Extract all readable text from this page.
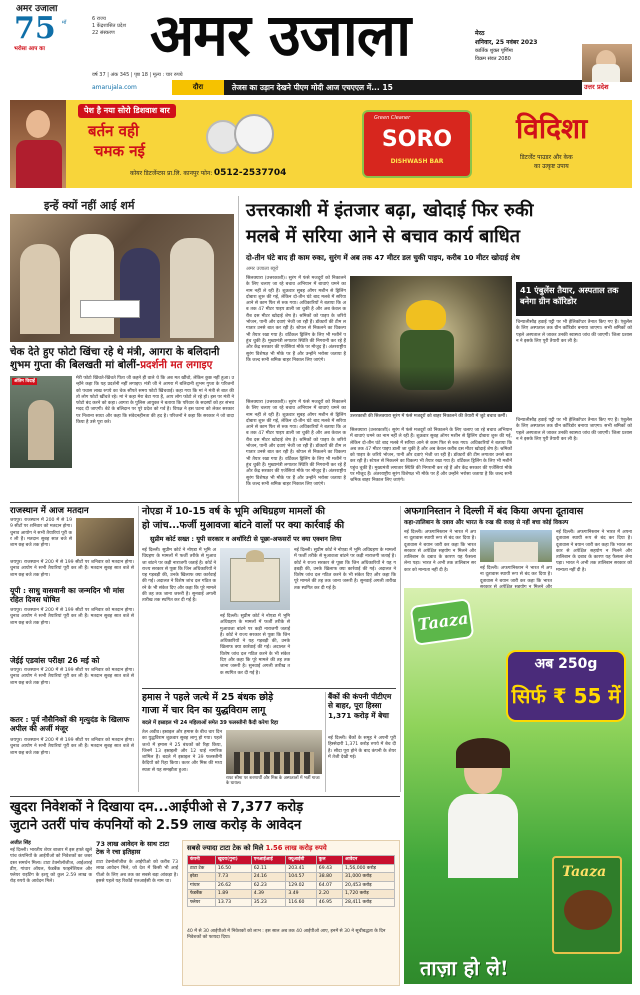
अमर उजाला
75 माँ
भरोसा आप का
6 राज्य
1 केंद्रशासित प्रदेश
22 संस्करण अमर उजाला	मेरठ
शनिवार, 25 नवंबर 2023
कार्तिक शुक्ल पूर्णिमा
विक्रम संवत 2080
वर्ष 37 | अंक 345 | पृष्ठ 18 | मूल्य : चार रुपये
amarujala.com	दौरा	तेजस का उड़ान देखने पीएम मोदी आज एचएएल में... 15	उत्तर प्रदेश
पेश है नया सोरो डिशवाश बार
बर्तन वही
चमक नई
Green Cleaner
SORO
DISHWASH BAR
कोयर डिटर्जेन्टस प्रा.लि. कानपुर फोन: 0512-2537704
विदिशा
डिटर्जेंट पाउडर और केक
का उत्कृष्ट उपाय
इन्हें क्यों नहीं आई शर्म
चेक देते हुए फोटो खिंचा रहे थे मंत्री, आगरा के बलिदानी शुभम गुप्ता की बिलखती मां बोलीं-प्रदर्शनी मत लगाइए
अंतिम विदाई
मेरी फोटो खिंचते-खिंचते पिता जी कहने ही वाले थे कि अब मत खींचो, लेकिन कुछ नहीं हुआ। उन्होंने कहा कि यह प्रदर्शनी नहीं लगाइए। मंत्री जी ने आगरा में बलिदानी शुभम गुप्ता के परिजनों को पचास लाख रुपये का चेक सौंपते समय फोटो खिंचवाई। कहा गया कि मां ने मंत्री से बात की तो लोग फोटो खींचते रहे। मां ने कहा मेरा बेटा गया है, आप लोग फोटो ले रहे हो। इस पर मंत्री ने फोटो बंद करने को कहा। आगरा के पुलिस आयुक्त ने बताया कि परिवार के सदस्यों को हर संभव मदद दी जाएगी। बेटे के बलिदान पर पूरे प्रदेश को गर्व है। विपक्ष ने इस घटना को लेकर सरकार पर निशाना साधा और कहा कि संवेदनहीनता की हद है। परिजनों ने कहा कि सरकार ने जो वादा किया है उसे पूरा करे।
उत्तरकाशी में इंतजार बढ़ा, खोदाई फिर रुकी
मलबे में सरिया आने से बचाव कार्य बाधित
दो-तीन घंटे बाद ही काम रुका, सुरंग में अब तक 47 मीटर डल चुकी पाइप, करीब 10 मीटर खोदाई शेष
अमर उजाला ब्यूरो
सिलक्यारा (उत्तरकाशी)। सुरंग में फंसे मजदूरों को निकालने के लिए चलाए जा रहे बचाव अभियान में बाधाएं थमने का नाम नहीं ले रही हैं। शुक्रवार सुबह ऑगर मशीन से ड्रिलिंग दोबारा शुरू की गई, लेकिन दो-तीन घंटे बाद मलबे में सरिया आने से काम फिर से रुक गया। अधिकारियों ने बताया कि अब तक 47 मीटर पाइप डाली जा चुकी है और अब केवल करीब दस मीटर खोदाई शेष है। श्रमिकों को पाइप के जरिये भोजन, पानी और दवाएं भेजी जा रही हैं। डॉक्टरों की टीम लगातार उनसे बात कर रही है। स्टेपल से निकलने का विकल्प भी तैयार रखा गया है। वर्टिकल ड्रिलिंग के लिए भी मशीनें पहुंच चुकी हैं। मुख्यमंत्री लगातार स्थिति की निगरानी कर रहे हैं और केंद्र सरकार की एजेंसियां मौके पर मौजूद हैं। अंतरराष्ट्रीय सुरंग विशेषज्ञ भी मौके पर हैं और उन्होंने भरोसा जताया है कि जल्द सभी श्रमिक बाहर निकाल लिए जाएंगे।
उत्तरकाशी की सिलक्यारा सुरंग में फंसे मजदूरों को बाहर निकालने की तैयारी में जुटे बचाव कर्मी।
41 एंबुलेंस तैयार, अस्पताल तक बनेगा ग्रीन कॉरिडोर
चिन्यालीसौड़ हवाई पट्टी पर भी हेलिकॉप्टर तैनात किए गए हैं। एंबुलेंस के लिए अस्पताल तक ग्रीन कॉरिडोर बनाया जाएगा। सभी श्रमिकों को पहले अस्पताल ले जाकर उनकी स्वास्थ्य जांच की जाएगी। जिला प्रशासन ने इसके लिए पूरी तैयारी कर ली है।
सिलक्यारा (उत्तरकाशी)। सुरंग में फंसे मजदूरों को निकालने के लिए चलाए जा रहे बचाव अभियान में बाधाएं थमने का नाम नहीं ले रही हैं। शुक्रवार सुबह ऑगर मशीन से ड्रिलिंग दोबारा शुरू की गई, लेकिन दो-तीन घंटे बाद मलबे में सरिया आने से काम फिर से रुक गया। अधिकारियों ने बताया कि अब तक 47 मीटर पाइप डाली जा चुकी है और अब केवल करीब दस मीटर खोदाई शेष है। श्रमिकों को पाइप के जरिये भोजन, पानी और दवाएं भेजी जा रही हैं। डॉक्टरों की टीम लगातार उनसे बात कर रही है। स्टेपल से निकलने का विकल्प भी तैयार रखा गया है। वर्टिकल ड्रिलिंग के लिए भी मशीनें पहुंच चुकी हैं। मुख्यमंत्री लगातार स्थिति की निगरानी कर रहे हैं और केंद्र सरकार की एजेंसियां मौके पर मौजूद हैं। अंतरराष्ट्रीय सुरंग विशेषज्ञ भी मौके पर हैं और उन्होंने भरोसा जताया है कि जल्द सभी श्रमिक बाहर निकाल लिए जाएंगे।
चिन्यालीसौड़ हवाई पट्टी पर भी हेलिकॉप्टर तैनात किए गए हैं। एंबुलेंस के लिए अस्पताल तक ग्रीन कॉरिडोर बनाया जाएगा। सभी श्रमिकों को पहले अस्पताल ले जाकर उनकी स्वास्थ्य जांच की जाएगी। जिला प्रशासन ने इसके लिए पूरी तैयारी कर ली है।
सिलक्यारा (उत्तरकाशी)। सुरंग में फंसे मजदूरों को निकालने के लिए चलाए जा रहे बचाव अभियान में बाधाएं थमने का नाम नहीं ले रही हैं। शुक्रवार सुबह ऑगर मशीन से ड्रिलिंग दोबारा शुरू की गई, लेकिन दो-तीन घंटे बाद मलबे में सरिया आने से काम फिर से रुक गया। अधिकारियों ने बताया कि अब तक 47 मीटर पाइप डाली जा चुकी है और अब केवल करीब दस मीटर खोदाई शेष है। श्रमिकों को पाइप के जरिये भोजन, पानी और दवाएं भेजी जा रही हैं। डॉक्टरों की टीम लगातार उनसे बात कर रही है। स्टेपल से निकलने का विकल्प भी तैयार रखा गया है। वर्टिकल ड्रिलिंग के लिए भी मशीनें पहुंच चुकी हैं। मुख्यमंत्री लगातार स्थिति की निगरानी कर रहे हैं और केंद्र सरकार की एजेंसियां मौके पर मौजूद हैं। अंतरराष्ट्रीय सुरंग विशेषज्ञ भी मौके पर हैं और उन्होंने भरोसा जताया है कि जल्द सभी श्रमिक बाहर निकाल लिए जाएंगे।
राजस्थान में आज मतदान
जयपुर। राजस्थान में 200 में से 199 सीटों पर शनिवार को मतदान होगा। चुनाव आयोग ने सभी तैयारियां पूरी कर ली हैं। मतदान सुबह सात बजे से शाम छह बजे तक होगा।
जयपुर। राजस्थान में 200 में से 199 सीटों पर शनिवार को मतदान होगा। चुनाव आयोग ने सभी तैयारियां पूरी कर ली हैं। मतदान सुबह सात बजे से शाम छह बजे तक होगा।
यूपी : साधु वासवानी का जन्मदिन भी मांस रहित दिवस घोषित
जयपुर। राजस्थान में 200 में से 199 सीटों पर शनिवार को मतदान होगा। चुनाव आयोग ने सभी तैयारियां पूरी कर ली हैं। मतदान सुबह सात बजे से शाम छह बजे तक होगा।
जेईई एडवांस परीक्षा 26 मई को
जयपुर। राजस्थान में 200 में से 199 सीटों पर शनिवार को मतदान होगा। चुनाव आयोग ने सभी तैयारियां पूरी कर ली हैं। मतदान सुबह सात बजे से शाम छह बजे तक होगा।
कतर : पूर्व नौसैनिकों की मृत्युदंड के खिलाफ अपील की अर्जी मंजूर
जयपुर। राजस्थान में 200 में से 199 सीटों पर शनिवार को मतदान होगा। चुनाव आयोग ने सभी तैयारियां पूरी कर ली हैं। मतदान सुबह सात बजे से शाम छह बजे तक होगा।
नोएडा में 10-15 वर्ष के भूमि अधिग्रहण मामलों की
हो जांच...फर्जी मुआवजा बांटने वालों पर क्या कार्रवाई की
सुप्रीम कोर्ट सख्त : यूपी सरकार व अथॉरिटी से पूछा-अफसरों पर क्या एक्शन लिया
नई दिल्ली। सुप्रीम कोर्ट ने नोएडा में भूमि अधिग्रहण के मामलों में फर्जी तरीके से मुआवजा बांटने पर कड़ी नाराजगी जताई है। कोर्ट ने राज्य सरकार से पूछा कि जिन अधिकारियों ने यह गड़बड़ी की, उनके खिलाफ क्या कार्रवाई की गई। अदालत ने विशेष जांच दल गठित करने के भी संकेत दिए और कहा कि पूरे मामले की तह तक जाना जरूरी है। सुनवाई अगली तारीख तक स्थगित कर दी गई है।
नई दिल्ली। सुप्रीम कोर्ट ने नोएडा में भूमि अधिग्रहण के मामलों में फर्जी तरीके से मुआवजा बांटने पर कड़ी नाराजगी जताई है। कोर्ट ने राज्य सरकार से पूछा कि जिन अधिकारियों ने यह गड़बड़ी की, उनके खिलाफ क्या कार्रवाई की गई। अदालत ने विशेष जांच दल गठित करने के भी संकेत दिए और कहा कि पूरे मामले की तह तक जाना जरूरी है। सुनवाई अगली तारीख तक स्थगित कर दी गई है।
नई दिल्ली। सुप्रीम कोर्ट ने नोएडा में भूमि अधिग्रहण के मामलों में फर्जी तरीके से मुआवजा बांटने पर कड़ी नाराजगी जताई है। कोर्ट ने राज्य सरकार से पूछा कि जिन अधिकारियों ने यह गड़बड़ी की, उनके खिलाफ क्या कार्रवाई की गई। अदालत ने विशेष जांच दल गठित करने के भी संकेत दिए और कहा कि पूरे मामले की तह तक जाना जरूरी है। सुनवाई अगली तारीख तक स्थगित कर दी गई है।
हमास ने पहले जत्थे में 25 बंधक छोड़े
गाजा में चार दिन का युद्धविराम लागू
बदले में इस्राइल भी 24 महिलाओं समेत 39 फलस्तीनी कैदी करेगा रिहा
तेल अवीव। इस्राइल और हमास के बीच चार दिन का युद्धविराम शुक्रवार सुबह लागू हो गया। पहले जत्थे में हमास ने 25 बंधकों को रिहा किया, जिनमें 13 इस्राइली और 12 थाई नागरिक शामिल हैं। बदले में इस्राइल ने 39 फलस्तीनी कैदियों को रिहा किया। कतर और मिस्र की मध्यस्थता से यह समझौता हुआ।
राफा सीमा पर शरणार्थी और मिस्र के अस्पतालों में भर्ती गाजा के घायल।
बैंकों की कंपनी पीटीएम से बाहर, पूरा हिस्सा 1,371 करोड़ में बेचा
नई दिल्ली। बैंकों के समूह ने अपनी पूरी हिस्सेदारी 1,371 करोड़ रुपये में बेच दी है। सौदा पूरा होने के बाद कंपनी के शेयर में तेजी देखी गई।
अफगानिस्तान ने दिल्ली में बंद किया अपना दूतावास
कहा-तालिबान के दबाव और भारत के रुख की वजह से नहीं बचा कोई विकल्प
नई दिल्ली। अफगानिस्तान ने भारत में अपना दूतावास स्थायी रूप से बंद कर दिया है। दूतावास ने बयान जारी कर कहा कि भारत सरकार से अपेक्षित सहयोग न मिलने और तालिबान के दबाव के कारण यह फैसला लेना पड़ा। भारत ने अभी तक तालिबान सरकार को मान्यता नहीं दी है।	नई दिल्ली। अफगानिस्तान ने भारत में अपना दूतावास स्थायी रूप से बंद कर दिया है। दूतावास ने बयान जारी कर कहा कि भारत
नई दिल्ली। अफगानिस्तान ने भारत में अपना दूतावास स्थायी रूप से बंद कर दिया है। दूतावास ने बयान जारी कर कहा कि भारत सरकार से अपेक्षित सहयोग न मिलने और तालिबान के दबाव के कारण यह फैसला लेना पड़ा। भारत ने अभी तक तालिबान सरकार को मान्यता नहीं दी है।
Taaza
अब 250g
सिर्फ ₹ 55 में
Taaza
ताज़ा हो ले!
खुदरा निवेशकों ने दिखाया दम...आईपीओ से 7,377 करोड़
जुटाने उतरीं पांच कंपनियों को 2.59 लाख करोड़ के आवेदन
अजीत सिंह
नई दिल्ली। भारतीय शेयर बाजार में इस हफ्ते खुले पांच कंपनियों के आईपीओ को निवेशकों का जबरदस्त समर्थन मिला। टाटा टेक्नोलॉजीज, आईआरईडीए, गांधार ऑयल, फेडबैंक फाइनेंशियल और फ्लेयर राइटिंग के इश्यू को कुल 2.59 लाख करोड़ रुपये के आवेदन मिले।
73 लाख आवेदन के साथ टाटा टेक ने रचा इतिहास
टाटा टेक्नोलॉजीज के आईपीओ को करीब 73 लाख आवेदन मिले, जो देश में किसी भी आईपीओ के लिए अब तक का सबसे बड़ा आंकड़ा है। इससे पहले यह रिकॉर्ड एलआईसी के नाम था।
सबसे ज्यादा टाटा टेक को मिले 1.56 लाख करोड़ रुपये
कंपनी	खुदरा(गुना)	एनआईआई	क्यूआईबी	कुल	आवेदन
टाटा टेक	16.50	62.11	203.41	69.43	1,56,000 करोड़
इरेडा	7.73	24.16	104.57	38.80	31,000 करोड़
गांधार	26.62	62.23	129.02	64.07	20,453 करोड़
फेडबैंक	1.89	4.39	3.49	2.20	1,720 करोड़
फ्लेयर	13.73	35.23	116.60	46.95	28,411 करोड़
40 में से 30 आईपीओ में निवेशकों को लाभ : इस साल अब तक 40 आईपीओ आए, इनमें से 30 ने सूचीबद्धता के दिन निवेशकों को फायदा दिया।
